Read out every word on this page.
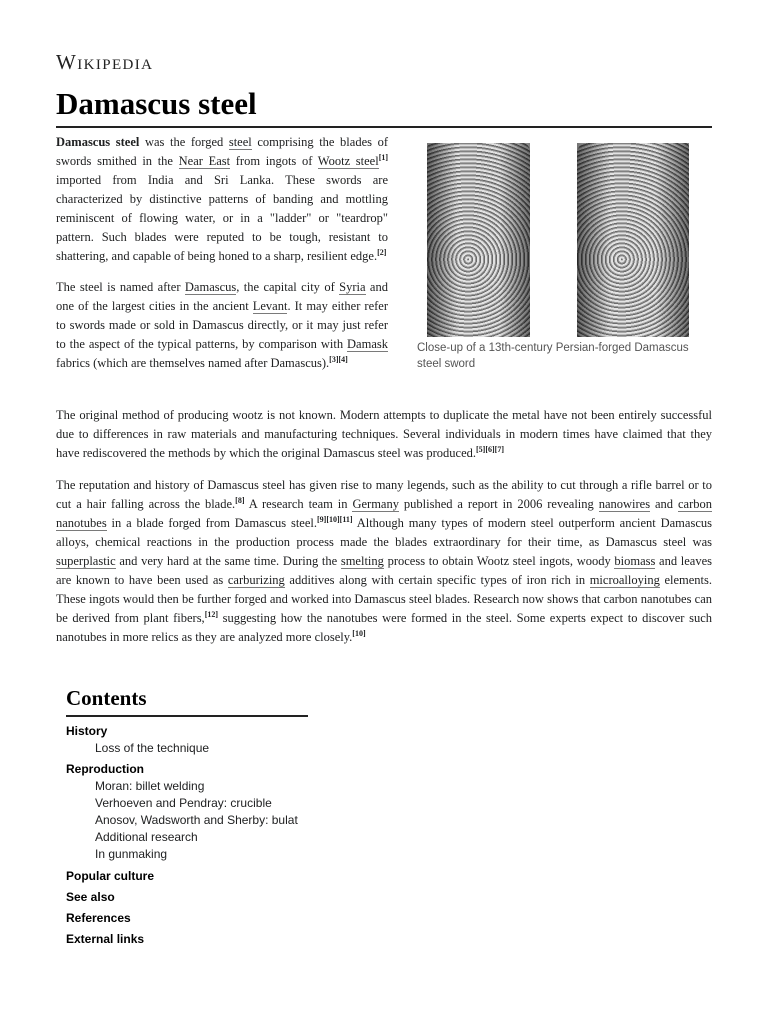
Wikipedia
Damascus steel

Damascus steel was the forged steel comprising the blades of swords smithed in the Near East from ingots of Wootz steel[1] imported from India and Sri Lanka. These swords are characterized by distinctive patterns of banding and mottling reminiscent of flowing water, or in a "ladder" or "teardrop" pattern. Such blades were reputed to be tough, resistant to shattering, and capable of being honed to a sharp, resilient edge.[2]

The steel is named after Damascus, the capital city of Syria and one of the largest cities in the ancient Levant. It may either refer to swords made or sold in Damascus directly, or it may just refer to the aspect of the typical patterns, by comparison with Damask fabrics (which are themselves named after Damascus).[3][4]

Close-up of a 13th-century Persian-forged Damascus steel sword

The original method of producing wootz is not known. Modern attempts to duplicate the metal have not been entirely successful due to differences in raw materials and manufacturing techniques. Several individuals in modern times have claimed that they have rediscovered the methods by which the original Damascus steel was produced.[5][6][7]

The reputation and history of Damascus steel has given rise to many legends, such as the ability to cut through a rifle barrel or to cut a hair falling across the blade.[8] A research team in Germany published a report in 2006 revealing nanowires and carbon nanotubes in a blade forged from Damascus steel.[9][10][11] Although many types of modern steel outperform ancient Damascus alloys, chemical reactions in the production process made the blades extraordinary for their time, as Damascus steel was superplastic and very hard at the same time. During the smelting process to obtain Wootz steel ingots, woody biomass and leaves are known to have been used as carburizing additives along with certain specific types of iron rich in microalloying elements. These ingots would then be further forged and worked into Damascus steel blades. Research now shows that carbon nanotubes can be derived from plant fibers,[12] suggesting how the nanotubes were formed in the steel. Some experts expect to discover such nanotubes in more relics as they are analyzed more closely.[10]

Contents
History
Loss of the technique
Reproduction
Moran: billet welding
Verhoeven and Pendray: crucible
Anosov, Wadsworth and Sherby: bulat
Additional research
In gunmaking
Popular culture
See also
References
External links
